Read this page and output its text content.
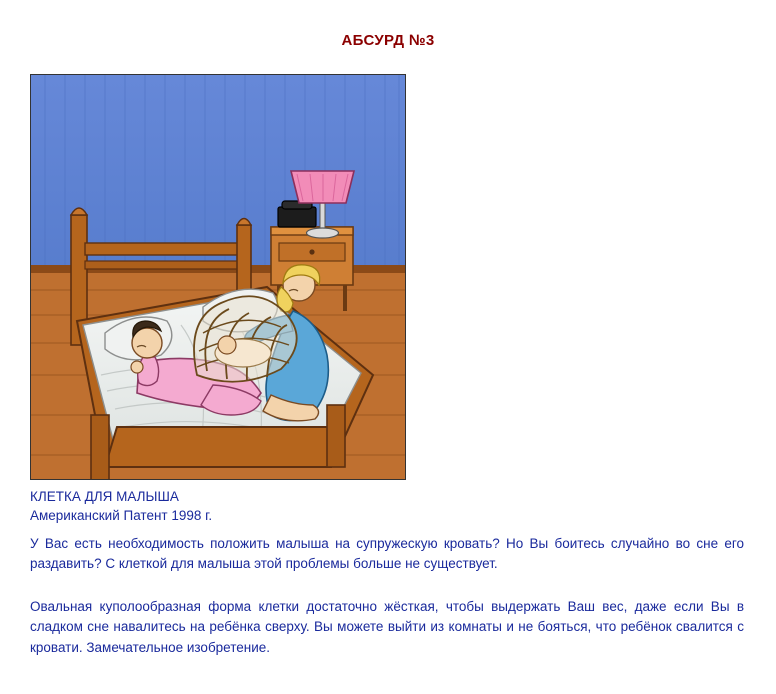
АБСУРД №3
КЛЕТКА ДЛЯ МАЛЫША
Американский Патент 1998 г.
У Вас есть необходимость положить малыша на супружескую кровать? Но Вы боитесь случайно во сне его раздавить? С клеткой для малыша этой проблемы больше не существует.
Овальная куполообразная форма клетки достаточно жёсткая, чтобы выдержать Ваш вес, даже если Вы в сладком сне навалитесь на ребёнка сверху. Вы можете выйти из комнаты и не бояться, что ребёнок свалится с кровати. Замечательное изобретение.
